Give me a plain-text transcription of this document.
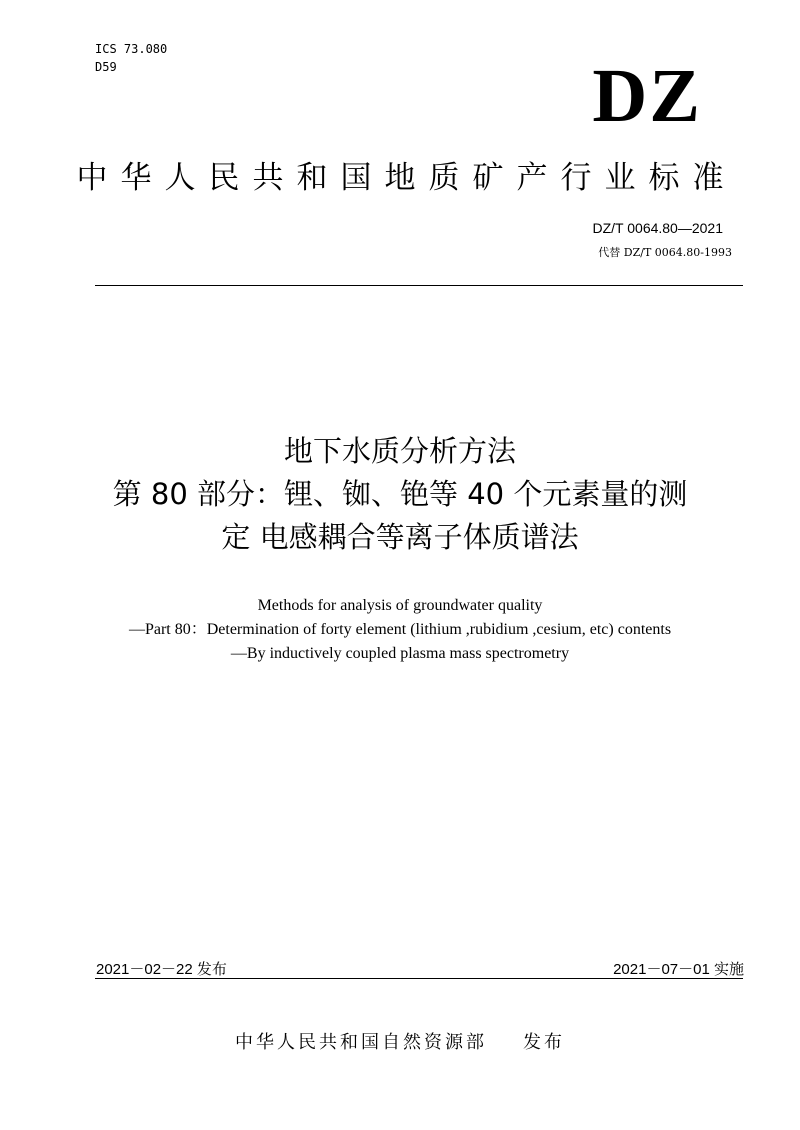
ICS 73.080
D59	DZ
中华人民共和国地质矿产行业标准
DZ/T 0064.80—2021
代替 DZ/T 0064.80-1993
地下水质分析方法
第 80 部分：锂、铷、铯等 40 个元素量的测
定 电感耦合等离子体质谱法
Methods for analysis of groundwater quality
—Part 80：Determination of forty element (lithium ,rubidium ,cesium, etc) contents
—By inductively coupled plasma mass spectrometry
2021－02－22 发布	2021－07－01 实施
中华人民共和国自然资源部 发布
